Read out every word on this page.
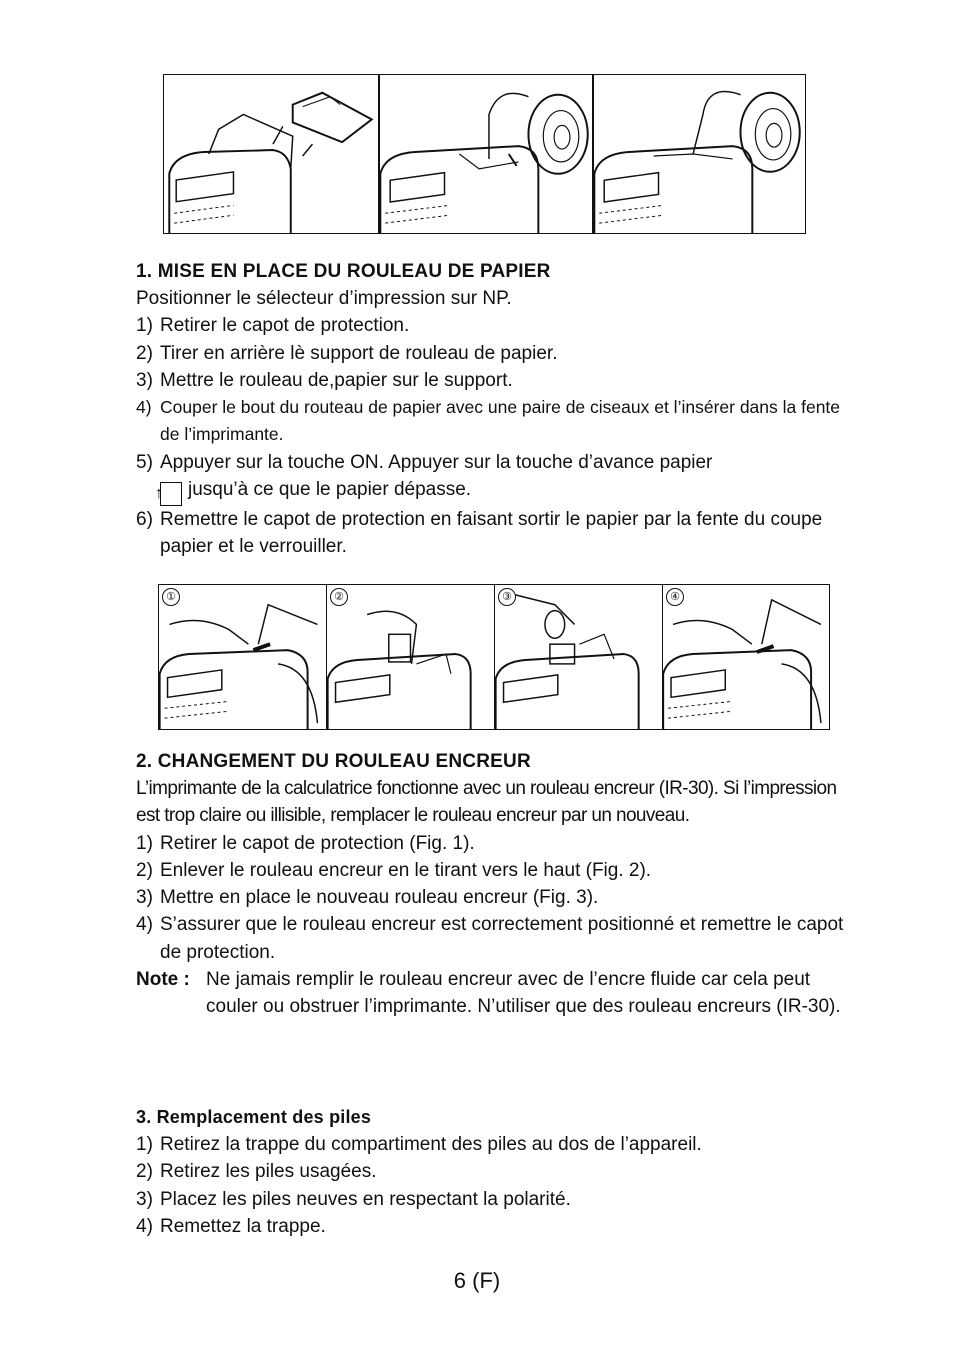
1. MISE EN PLACE DU ROULEAU DE PAPIER
Positionner le sélecteur d’impression sur NP.
1) Retirer le capot de protection.
2) Tirer en arrière lè support de rouleau de papier.
3) Mettre le rouleau de,papier sur le support.
4) Couper le bout du routeau de papier avec une paire de ciseaux et l’insérer dans la fente de l’imprimante.
5) Appuyer sur la touche ON. Appuyer sur la touche d’avance papier
↑ jusqu’à ce que le papier dépasse.
6) Remettre le capot de protection en faisant sortir le papier par la fente du coupe papier et le verrouiller.
①	②	③	④
2. CHANGEMENT DU ROULEAU ENCREUR
L’imprimante de la calculatrice fonctionne avec un rouleau encreur (IR-30). Si l’impression est trop claire ou illisible, remplacer le rouleau encreur par un nouveau.
1) Retirer le capot de protection (Fig. 1).
2) Enlever le rouleau encreur en le tirant vers le haut (Fig. 2).
3) Mettre en place le nouveau rouleau encreur (Fig. 3).
4) S’assurer que le rouleau encreur est correctement positionné et remettre le capot de protection.
Note : Ne jamais remplir le rouleau encreur avec de l’encre fluide car cela peut couler ou obstruer l’imprimante. N’utiliser que des rouleau encreurs (IR-30).
3. Remplacement des piles
1) Retirez la trappe du compartiment des piles au dos de l’appareil.
2) Retirez les piles usagées.
3) Placez les piles neuves en respectant la polarité.
4) Remettez la trappe.
6 (F)
